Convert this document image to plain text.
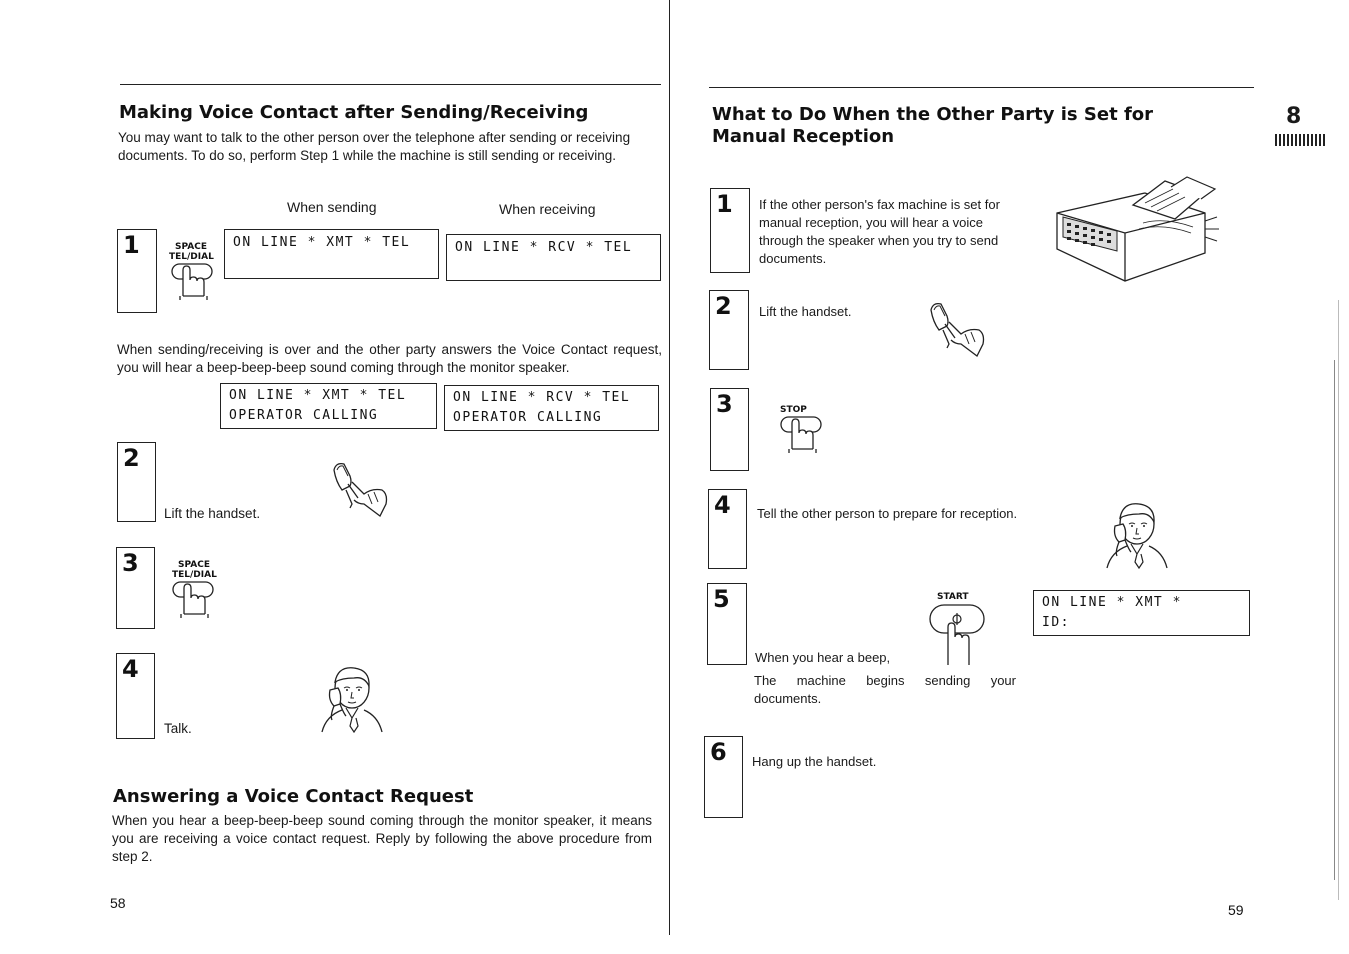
Making Voice Contact after Sending/Receiving
You may want to talk to the other person over the telephone after sending or receiving documents. To do so, perform Step 1 while the machine is still sending or receiving.
When sending	When receiving
1	SPACE
TEL/DIAL
ON LINE * XMT * TEL	ON LINE * RCV * TEL
When sending/receiving is over and the other party answers the Voice Contact request, you will hear a beep-beep-beep sound coming through the monitor speaker.
ON LINE * XMT * TEL
OPERATOR CALLING
ON LINE * RCV * TEL
OPERATOR CALLING
2
Lift the handset.
3	SPACE
TEL/DIAL
4
Talk.
Answering a Voice Contact Request
When you hear a beep-beep-beep sound coming through the monitor speaker, it means you are receiving a voice contact request. Reply by following the above procedure from step 2.
58
What to Do When the Other Party is Set for Manual Reception
8
1 If the other person's fax machine is set for manual reception, you will hear a voice through the speaker when you try to send documents.
2 Lift the handset.
3	STOP
4 Tell the other person to prepare for reception.
5	START
When you hear a beep,
The machine begins sending your documents.
ON LINE * XMT *
ID:
6 Hang up the handset.
59
